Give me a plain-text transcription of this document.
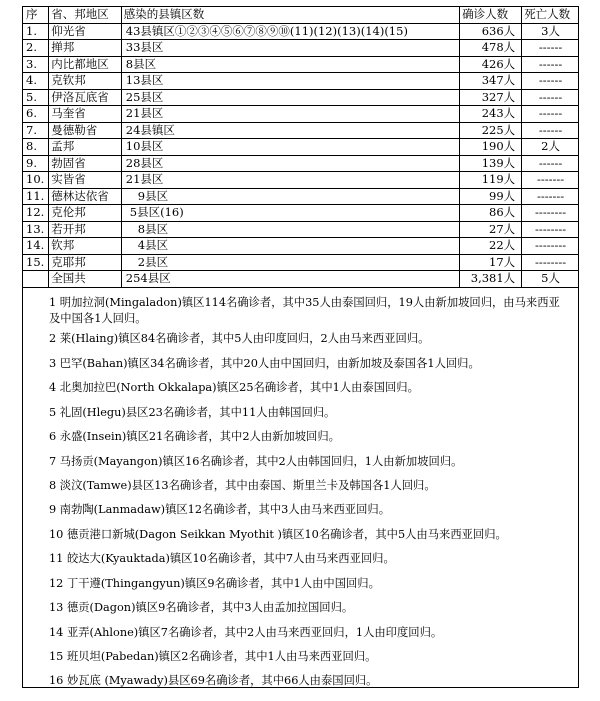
序	省、邦地区	感染的县镇区数	确诊人数	死亡人数
1.	仰光省	43县镇区①②③④⑤⑥⑦⑧⑨⑩(11)(12)(13)(14)(15)	636人	3人
2.	掸邦	33县区	478人	------
3.	内比都地区	8县区	426人	------
4.	克钦邦	13县区	347人	------
5.	伊洛瓦底省	25县区	327人	------
6.	马奎省	21县区	243人	------
7.	曼德勒省	24县镇区	225人	------
8.	孟邦	10县区	190人	2人
9.	勃固省	28县区	139人	------
10.	实皆省	21县区	119人	-------
11.	德林达依省	9县区	99人	-------
12.	克伦邦	5县区(16)	86人	--------
13.	若开邦	8县区	27人	--------
14.	钦邦	4县区	22人	--------
15.	克耶邦	2县区	17人	--------
	全国共	254县区	3,381人	5人
1 明加拉洞(Mingaladon)镇区114名确诊者，其中35人由泰国回归，19人由新加坡回归，由马来西亚及中国各1人回归。
2 莱(Hlaing)镇区84名确诊者，其中5人由印度回归，2人由马来西亚回归。
3 巴罕(Bahan)镇区34名确诊者，其中20人由中国回归，由新加坡及泰国各1人回归。
4 北奥加拉巴(North Okkalapa)镇区25名确诊者，其中1人由泰国回归。
5 礼固(Hlegu)县区23名确诊者，其中11人由韩国回归。
6 永盛(Insein)镇区21名确诊者，其中2人由新加坡回归。
7 马扬贡(Mayangon)镇区16名确诊者，其中2人由韩国回归，1人由新加坡回归。
8 淡汶(Tamwe)县区13名确诊者，其中由泰国、斯里兰卡及韩国各1人回归。
9 南勃陶(Lanmadaw)镇区12名确诊者，其中3人由马来西亚回归。
10 德贡港口新城(Dagon Seikkan Myothit )镇区10名确诊者，其中5人由马来西亚回归。
11 皎达大(Kyauktada)镇区10名确诊者，其中7人由马来西亚回归。
12 丁干遵(Thingangyun)镇区9名确诊者，其中1人由中国回归。
13 德贡(Dagon)镇区9名确诊者，其中3人由孟加拉国回归。
14 亚弄(Ahlone)镇区7名确诊者，其中2人由马来西亚回归，1人由印度回归。
15 班贝坦(Pabedan)镇区2名确诊者，其中1人由马来西亚回归。
16 妙瓦底 (Myawady)县区69名确诊者，其中66人由泰国回归。
